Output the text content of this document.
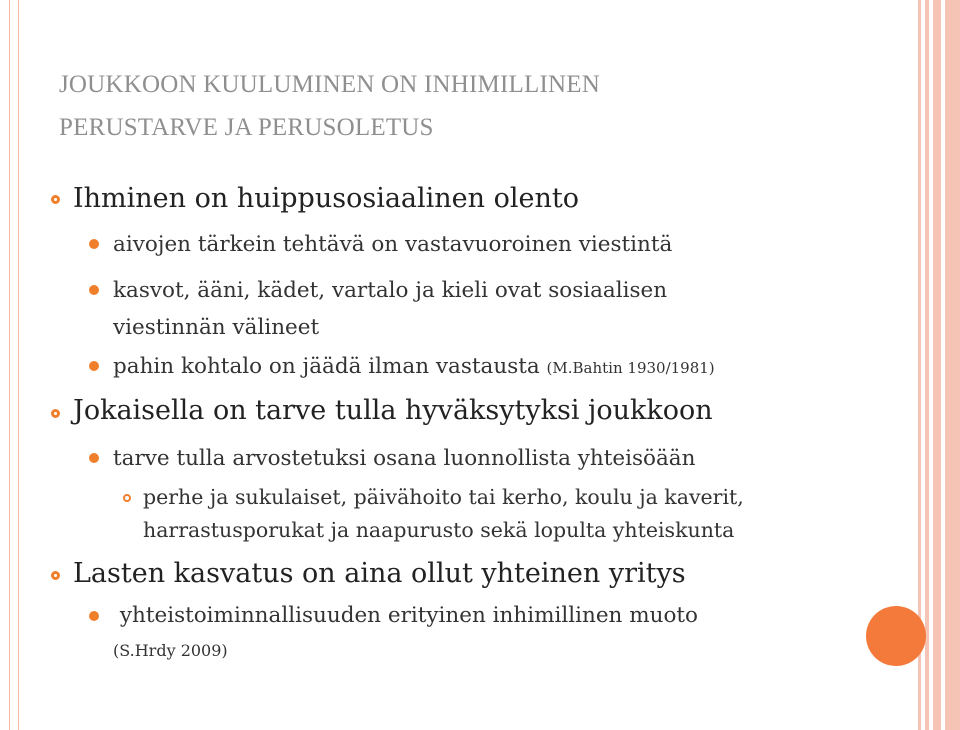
JOUKKOON KUULUMINEN ON INHIMILLINEN
PERUSTARVE JA PERUSOLETUS
Ihminen on huippusosiaalinen olento
aivojen tärkein tehtävä on vastavuoroinen viestintä
kasvot, ääni, kädet, vartalo ja kieli ovat sosiaalisen
viestinnän välineet
pahin kohtalo on jäädä ilman vastausta (M.Bahtin 1930/1981)
Jokaisella on tarve tulla hyväksytyksi joukkoon
tarve tulla arvostetuksi osana luonnollista yhteisöään
perhe ja sukulaiset, päivähoito tai kerho, koulu ja kaverit,
harrastusporukat ja naapurusto sekä lopulta yhteiskunta
Lasten kasvatus on aina ollut yhteinen yritys
yhteistoiminnallisuuden erityinen inhimillinen muoto
(S.Hrdy 2009)
